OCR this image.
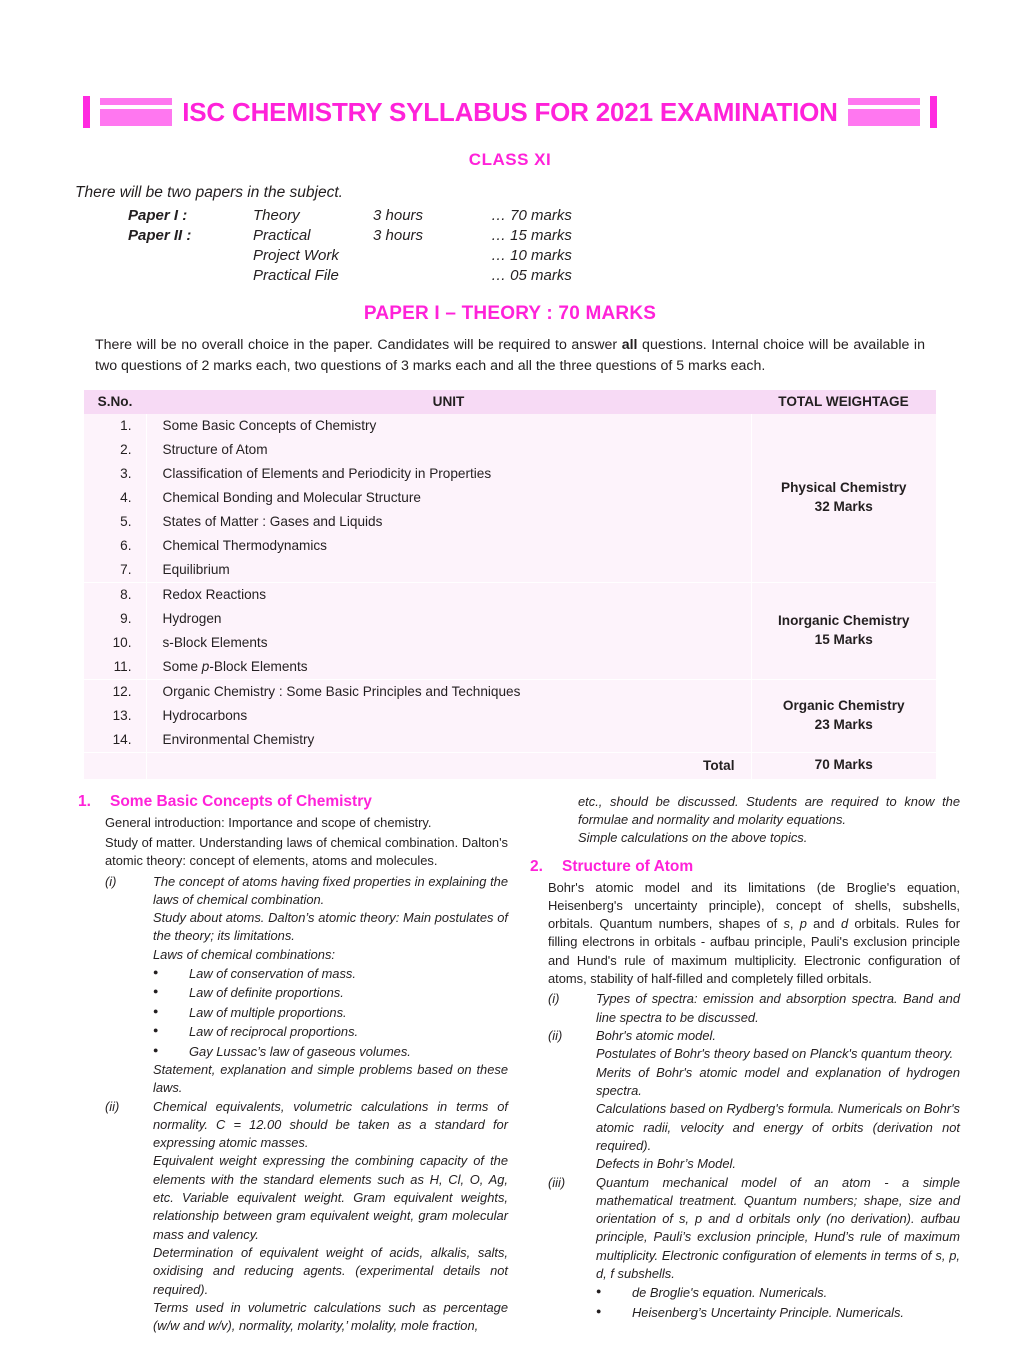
ISC CHEMISTRY SYLLABUS FOR 2021 EXAMINATION
CLASS XI
There will be two papers in the subject.
Paper I :	Theory	3 hours	… 70 marks
Paper II :	Practical	3 hours	… 15 marks
	Project Work		… 10 marks
	Practical File		… 05 marks
PAPER I – THEORY : 70 MARKS

There will be no overall choice in the paper. Candidates will be required to answer all questions. Internal choice will be available in two questions of 2 marks each, two questions of 3 marks each and all the three questions of 5 marks each.

S.No.	UNIT	TOTAL WEIGHTAGE
1.	Some Basic Concepts of Chemistry	Physical Chemistry
32 Marks

2.	Structure of Atom	
3.	Classification of Elements and Periodicity in Properties	
4.	Chemical Bonding and Molecular Structure	
5.	States of Matter : Gases and Liquids	
6.	Chemical Thermodynamics	
7.	Equilibrium	
8.	Redox Reactions	Inorganic Chemistry
15 Marks

9.	Hydrogen	
10.	s-Block Elements	
11.	Some p-Block Elements	
12.	Organic Chemistry : Some Basic Principles and Techniques	Organic Chemistry
23 Marks

13.	Hydrocarbons	
14.	Environmental Chemistry	
	Total	70 Marks
1.	Some Basic Concepts of Chemistry

General introduction: Importance and scope of chemistry.

Study of matter. Understanding laws of chemical combination. Dalton's atomic theory: concept of elements, atoms and molecules.

(i)	The concept of atoms having fixed properties in explaining the laws of chemical combination.

Study about atoms. Dalton’s atomic theory: Main postulates of the theory; its limitations.

Laws of chemical combinations:

● Law of conservation of mass.
● Law of definite proportions.
● Law of multiple proportions.
● Law of reciprocal proportions.
● Gay Lussac’s law of gaseous volumes.

Statement, explanation and simple problems based on these laws.

(ii)	Chemical equivalents, volumetric calculations in terms of normality. C = 12.00 should be taken as a standard for expressing atomic masses.

Equivalent weight expressing the combining capacity of the elements with the standard elements such as H, Cl, O, Ag, etc. Variable equivalent weight. Gram equivalent weights, relationship between gram equivalent weight, gram molecular mass and valency.

Determination of equivalent weight of acids, alkalis, salts, oxidising and reducing agents. (experimental details not required).

Terms used in volumetric calculations such as percentage (w/w and w/v), normality, molarity,’ molality, mole fraction,

etc., should be discussed. Students are required to know the formulae and normality and molarity equations.

Simple calculations on the above topics.

2.	Structure of Atom

Bohr's atomic model and its limitations (de Broglie's equation, Heisenberg's uncertainty principle), concept of shells, subshells, orbitals. Quantum numbers, shapes of s, p and d orbitals. Rules for filling electrons in orbitals - aufbau principle, Pauli's exclusion principle and Hund's rule of maximum multiplicity. Electronic configuration of atoms, stability of half-filled and completely filled orbitals.

(i)	Types of spectra: emission and absorption spectra. Band and line spectra to be discussed.
(ii)	Bohr's atomic model.

Postulates of Bohr's theory based on Planck's quantum theory.

Merits of Bohr's atomic model and explanation of hydrogen spectra.

Calculations based on Rydberg's formula. Numericals on Bohr's atomic radii, velocity and energy of orbits (derivation not required).

Defects in Bohr’s Model.

(iii)	Quantum mechanical model of an atom - a simple mathematical treatment. Quantum numbers; shape, size and orientation of s, p and d orbitals only (no derivation). aufbau principle, Pauli’s exclusion principle, Hund’s rule of maximum multiplicity. Electronic configuration of elements in terms of s, p, d, f subshells.
● de Broglie's equation. Numericals.
● Heisenberg’s Uncertainty Principle. Numericals.
